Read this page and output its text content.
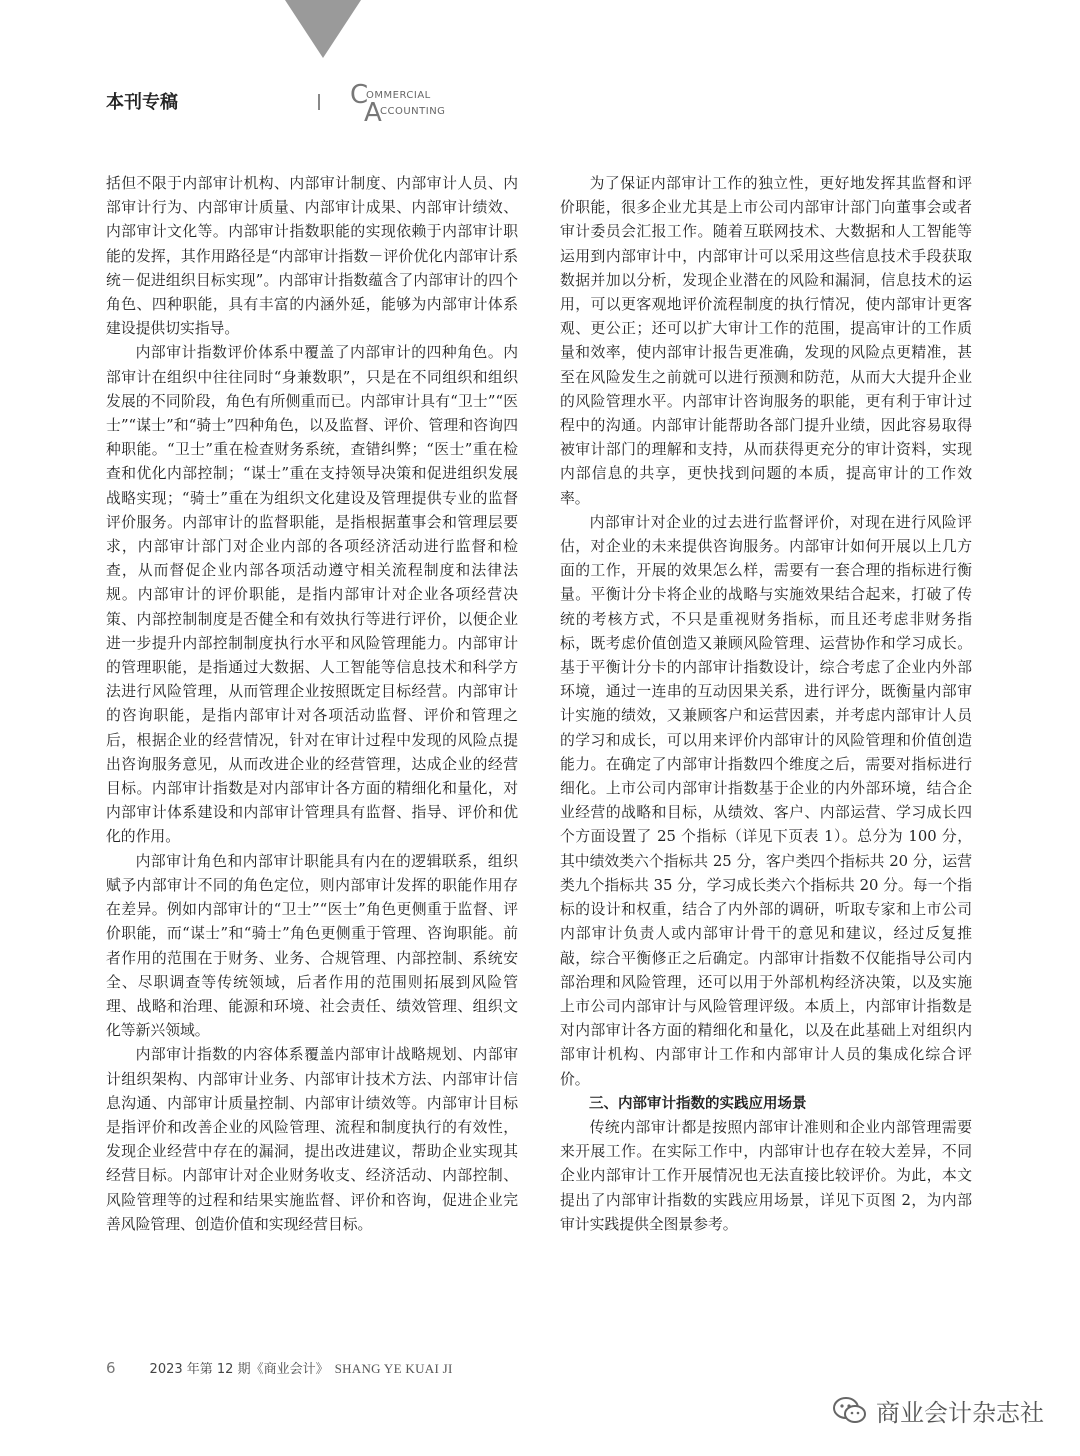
本刊专稿	C
OMMERCIAL
A
CCOUNTING

括但不限于内部审计机构、内部审计制度、内部审计人员、内部审计行为、内部审计质量、内部审计成果、内部审计绩效、内部审计文化等。内部审计指数职能的实现依赖于内部审计职能的发挥，其作用路径是“内部审计指数－评价优化内部审计系统－促进组织目标实现”。内部审计指数蕴含了内部审计的四个角色、四种职能，具有丰富的内涵外延，能够为内部审计体系建设提供切实指导。

内部审计指数评价体系中覆盖了内部审计的四种角色。内部审计在组织中往往同时“身兼数职”，只是在不同组织和组织发展的不同阶段，角色有所侧重而已。内部审计具有“卫士”“医士”“谋士”和“骑士”四种角色，以及监督、评价、管理和咨询四种职能。“卫士”重在检查财务系统，查错纠弊；“医士”重在检查和优化内部控制；“谋士”重在支持领导决策和促进组织发展战略实现；“骑士”重在为组织文化建设及管理提供专业的监督评价服务。内部审计的监督职能，是指根据董事会和管理层要求，内部审计部门对企业内部的各项经济活动进行监督和检查，从而督促企业内部各项活动遵守相关流程制度和法律法规。内部审计的评价职能，是指内部审计对企业各项经营决策、内部控制制度是否健全和有效执行等进行评价，以便企业进一步提升内部控制制度执行水平和风险管理能力。内部审计的管理职能，是指通过大数据、人工智能等信息技术和科学方法进行风险管理，从而管理企业按照既定目标经营。内部审计的咨询职能，是指内部审计对各项活动监督、评价和管理之后，根据企业的经营情况，针对在审计过程中发现的风险点提出咨询服务意见，从而改进企业的经营管理，达成企业的经营目标。内部审计指数是对内部审计各方面的精细化和量化，对内部审计体系建设和内部审计管理具有监督、指导、评价和优化的作用。

内部审计角色和内部审计职能具有内在的逻辑联系，组织赋予内部审计不同的角色定位，则内部审计发挥的职能作用存在差异。例如内部审计的“卫士”“医士”角色更侧重于监督、评价职能，而“谋士”和“骑士”角色更侧重于管理、咨询职能。前者作用的范围在于财务、业务、合规管理、内部控制、系统安全、尽职调查等传统领域，后者作用的范围则拓展到风险管理、战略和治理、能源和环境、社会责任、绩效管理、组织文化等新兴领域。

内部审计指数的内容体系覆盖内部审计战略规划、内部审计组织架构、内部审计业务、内部审计技术方法、内部审计信息沟通、内部审计质量控制、内部审计绩效等。内部审计目标是指评价和改善企业的风险管理、流程和制度执行的有效性，发现企业经营中存在的漏洞，提出改进建议，帮助企业实现其经营目标。内部审计对企业财务收支、经济活动、内部控制、风险管理等的过程和结果实施监督、评价和咨询，促进企业完善风险管理、创造价值和实现经营目标。

为了保证内部审计工作的独立性，更好地发挥其监督和评价职能，很多企业尤其是上市公司内部审计部门向董事会或者审计委员会汇报工作。随着互联网技术、大数据和人工智能等运用到内部审计中，内部审计可以采用这些信息技术手段获取数据并加以分析，发现企业潜在的风险和漏洞，信息技术的运用，可以更客观地评价流程制度的执行情况，使内部审计更客观、更公正；还可以扩大审计工作的范围，提高审计的工作质量和效率，使内部审计报告更准确，发现的风险点更精准，甚至在风险发生之前就可以进行预测和防范，从而大大提升企业的风险管理水平。内部审计咨询服务的职能，更有利于审计过程中的沟通。内部审计能帮助各部门提升业绩，因此容易取得被审计部门的理解和支持，从而获得更充分的审计资料，实现内部信息的共享，更快找到问题的本质，提高审计的工作效率。

内部审计对企业的过去进行监督评价，对现在进行风险评估，对企业的未来提供咨询服务。内部审计如何开展以上几方面的工作，开展的效果怎么样，需要有一套合理的指标进行衡量。平衡计分卡将企业的战略与实施效果结合起来，打破了传统的考核方式，不只是重视财务指标，而且还考虑非财务指标，既考虑价值创造又兼顾风险管理、运营协作和学习成长。基于平衡计分卡的内部审计指数设计，综合考虑了企业内外部环境，通过一连串的互动因果关系，进行评分，既衡量内部审计实施的绩效，又兼顾客户和运营因素，并考虑内部审计人员的学习和成长，可以用来评价内部审计的风险管理和价值创造能力。在确定了内部审计指数四个维度之后，需要对指标进行细化。上市公司内部审计指数基于企业的内外部环境，结合企业经营的战略和目标，从绩效、客户、内部运营、学习成长四个方面设置了 25 个指标（详见下页表 1）。总分为 100 分，其中绩效类六个指标共 25 分，客户类四个指标共 20 分，运营类九个指标共 35 分，学习成长类六个指标共 20 分。每一个指标的设计和权重，结合了内外部的调研，听取专家和上市公司内部审计负责人或内部审计骨干的意见和建议，经过反复推敲，综合平衡修正之后确定。内部审计指数不仅能指导公司内部治理和风险管理，还可以用于外部机构经济决策，以及实施上市公司内部审计与风险管理评级。本质上，内部审计指数是对内部审计各方面的精细化和量化，以及在此基础上对组织内部审计机构、内部审计工作和内部审计人员的集成化综合评价。

三、内部审计指数的实践应用场景

传统内部审计都是按照内部审计准则和企业内部管理需要来开展工作。在实际工作中，内部审计也存在较大差异，不同企业内部审计工作开展情况也无法直接比较评价。为此，本文提出了内部审计指数的实践应用场景，详见下页图 2，为内部审计实践提供全图景参考。

6	2023 年第 12 期《商业会计》 SHANG YE KUAI JI
商业会计杂志社
